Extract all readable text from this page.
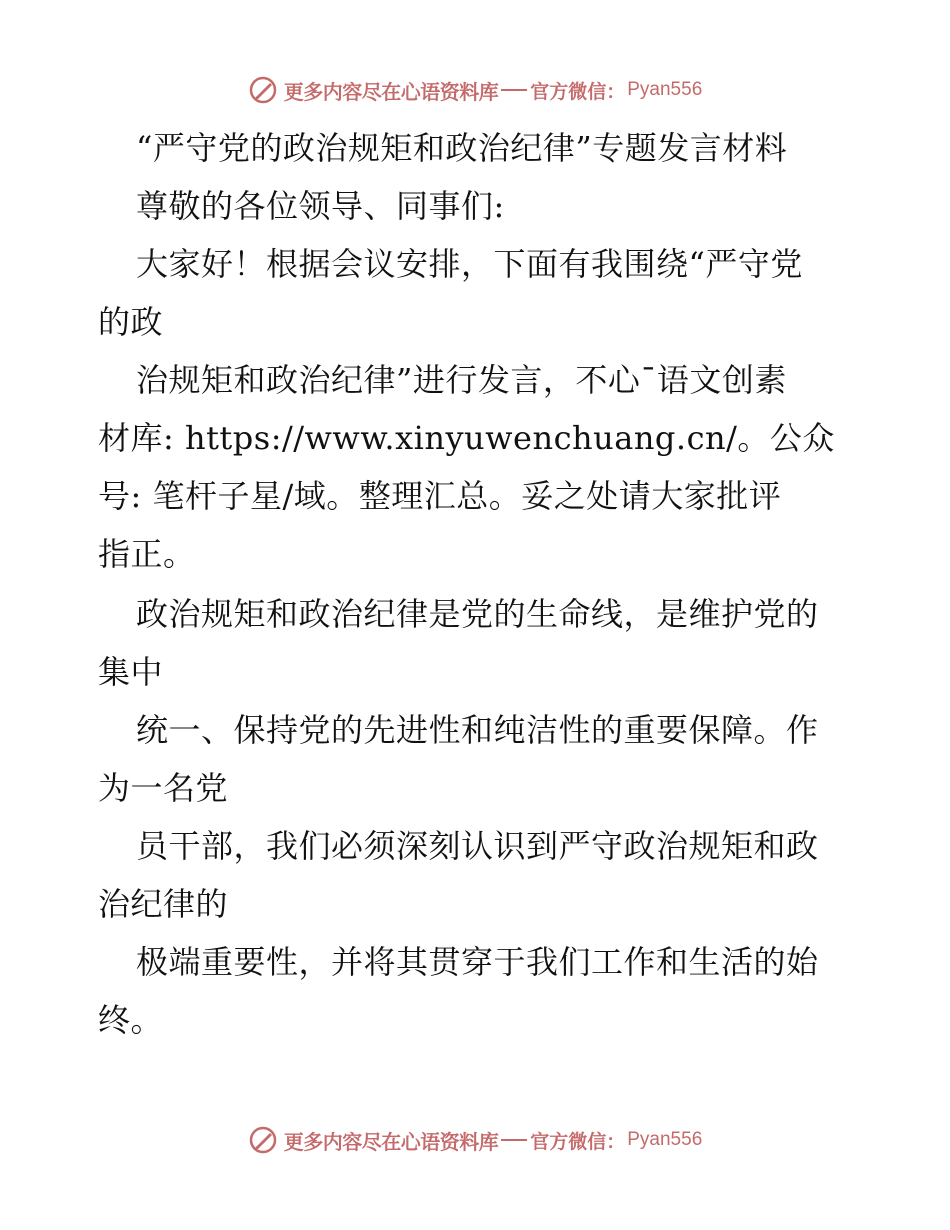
更多内容尽在心语资料库 官方微信： Pyan556
“严守党的政治规矩和政治纪律”专题发言材料
尊敬的各位领导、同事们:
大家好！根据会议安排，下面有我围绕“严守党
的政
治规矩和政治纪律”进行发言，不心¯语文创素
材库: https://www.xinyuwenchuang.cn/。公众
号: 笔杆子星/域。整理汇总。妥之处请大家批评
指正。
政治规矩和政治纪律是党的生命线，是维护党的
集中
统一、保持党的先进性和纯洁性的重要保障。作
为一名党
员干部，我们必须深刻认识到严守政治规矩和政
治纪律的
极端重要性，并将其贯穿于我们工作和生活的始
终。
更多内容尽在心语资料库 官方微信： Pyan556
